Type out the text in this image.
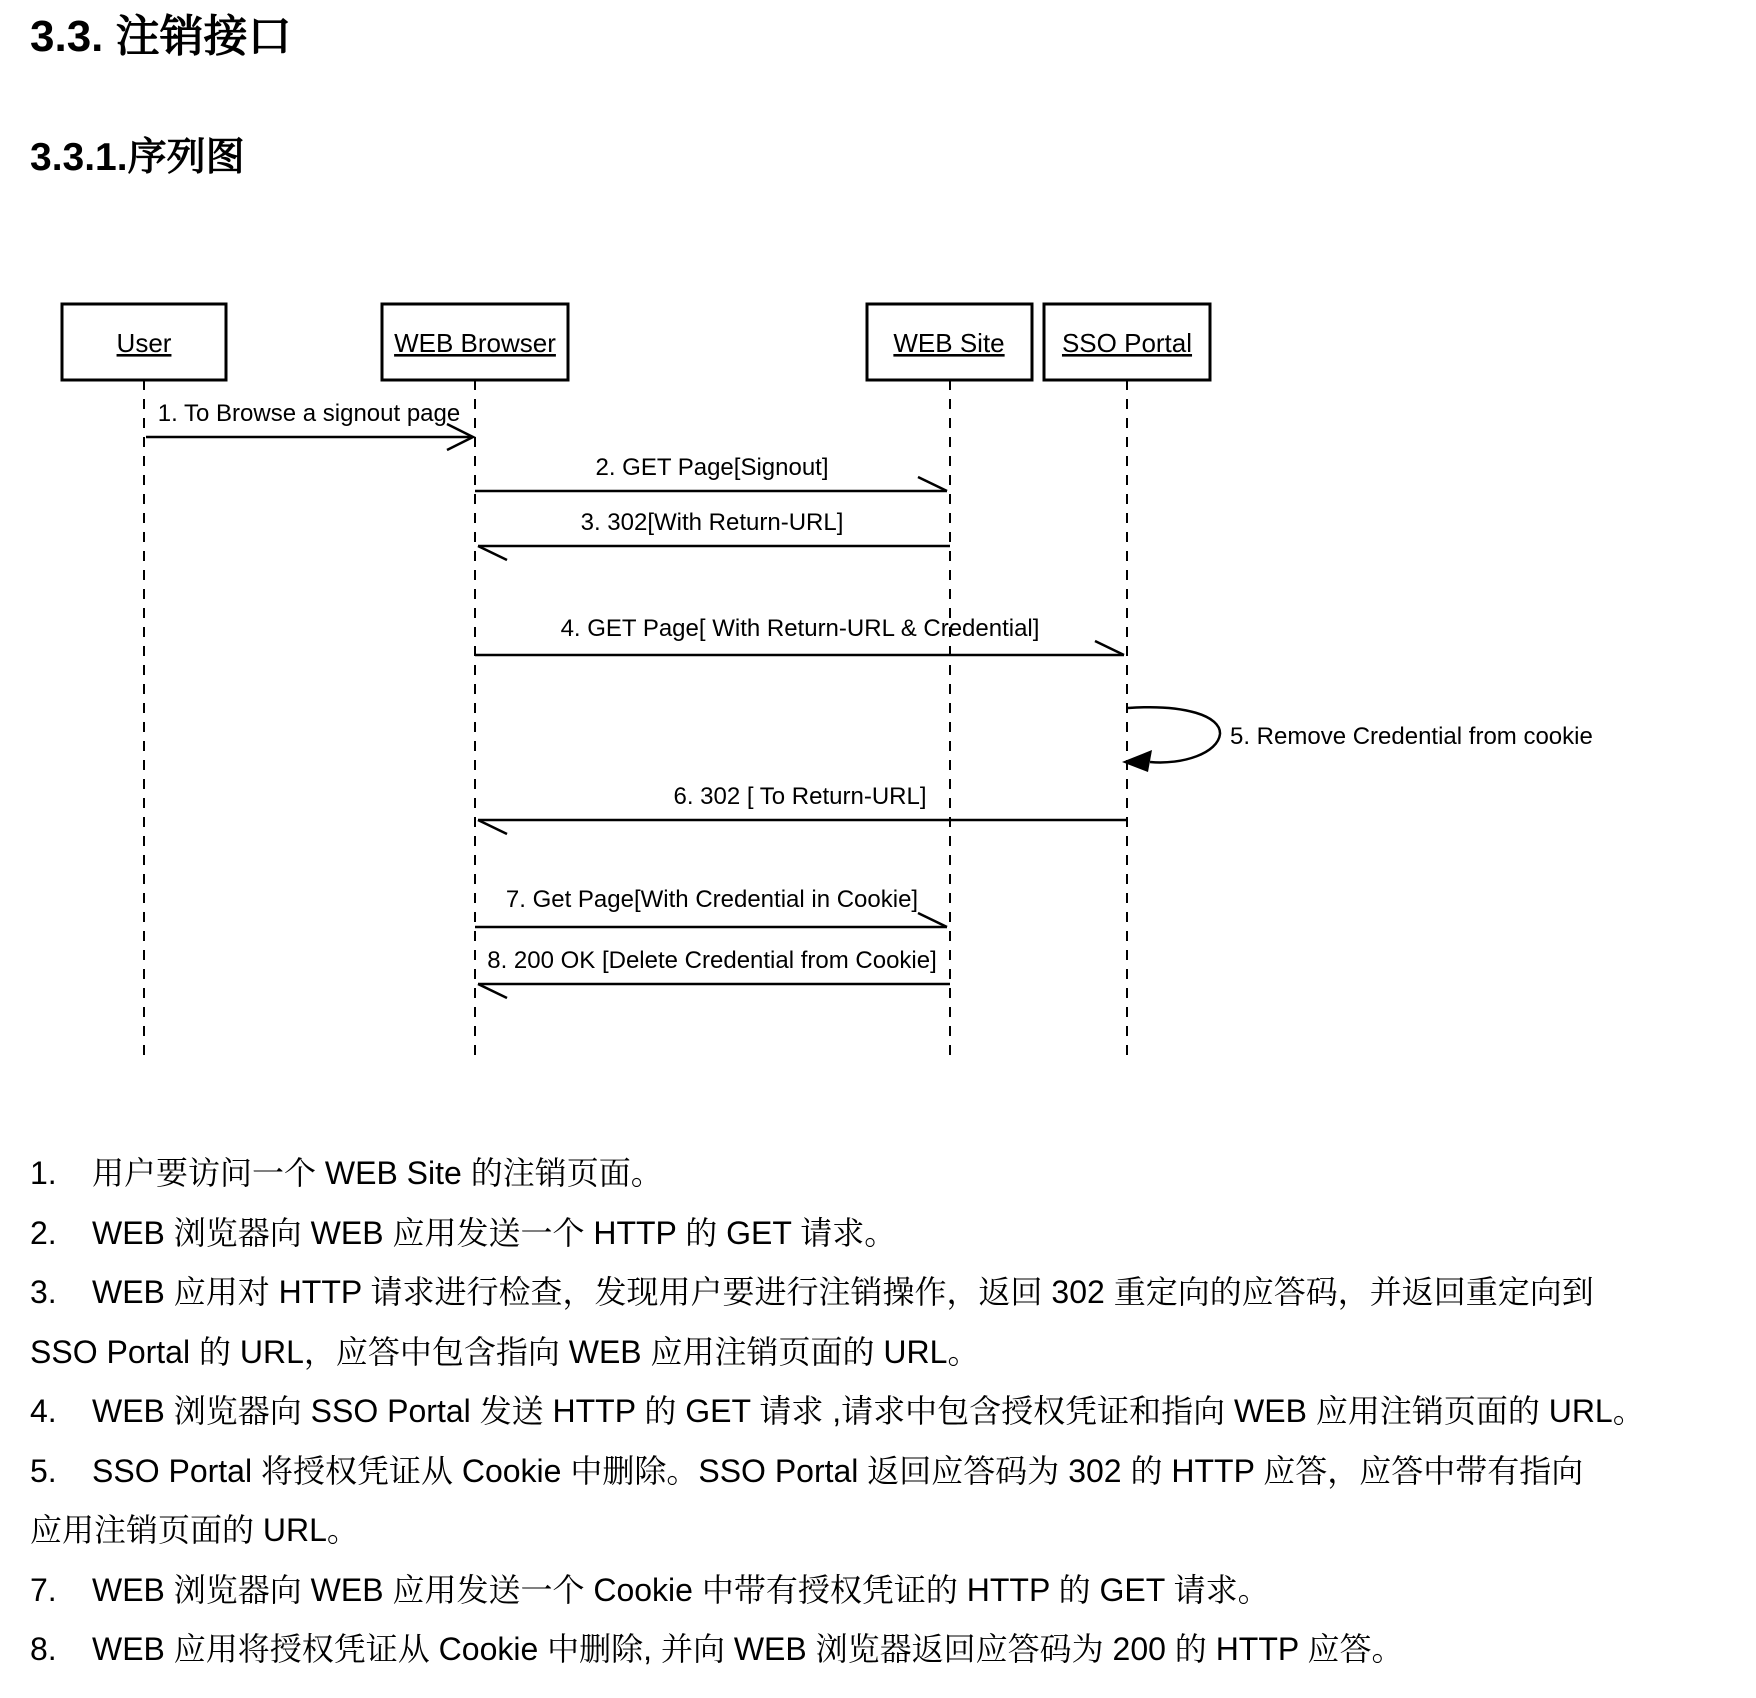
3.3. 注销接口
3.3.1.序列图
User	WEB Browser	WEB Site SSO Portal
1. To Browse a signout page
2. GET Page[Signout]
3. 302[With Return-URL]
4. GET Page[ With Return-URL & Credential]
5. Remove Credential from cookie
6. 302 [ To Return-URL]
7. Get Page[With Credential in Cookie]
8. 200 OK [Delete Credential from Cookie]
1. 用户要访问一个 WEB Site 的注销页面。
2. WEB 浏览器向 WEB 应用发送一个 HTTP 的 GET 请求。
3. WEB 应用对 HTTP 请求进行检查，发现用户要进行注销操作，返回 302 重定向的应答码，并返回重定向到
SSO Portal 的 URL，应答中包含指向 WEB 应用注销页面的 URL。
4. WEB 浏览器向 SSO Portal 发送 HTTP 的 GET 请求 ,请求中包含授权凭证和指向 WEB 应用注销页面的 URL。
5. SSO Portal 将授权凭证从 Cookie 中删除。SSO Portal 返回应答码为 302 的 HTTP 应答，应答中带有指向
应用注销页面的 URL。
7. WEB 浏览器向 WEB 应用发送一个 Cookie 中带有授权凭证的 HTTP 的 GET 请求。
8. WEB 应用将授权凭证从 Cookie 中删除, 并向 WEB 浏览器返回应答码为 200 的 HTTP 应答。
